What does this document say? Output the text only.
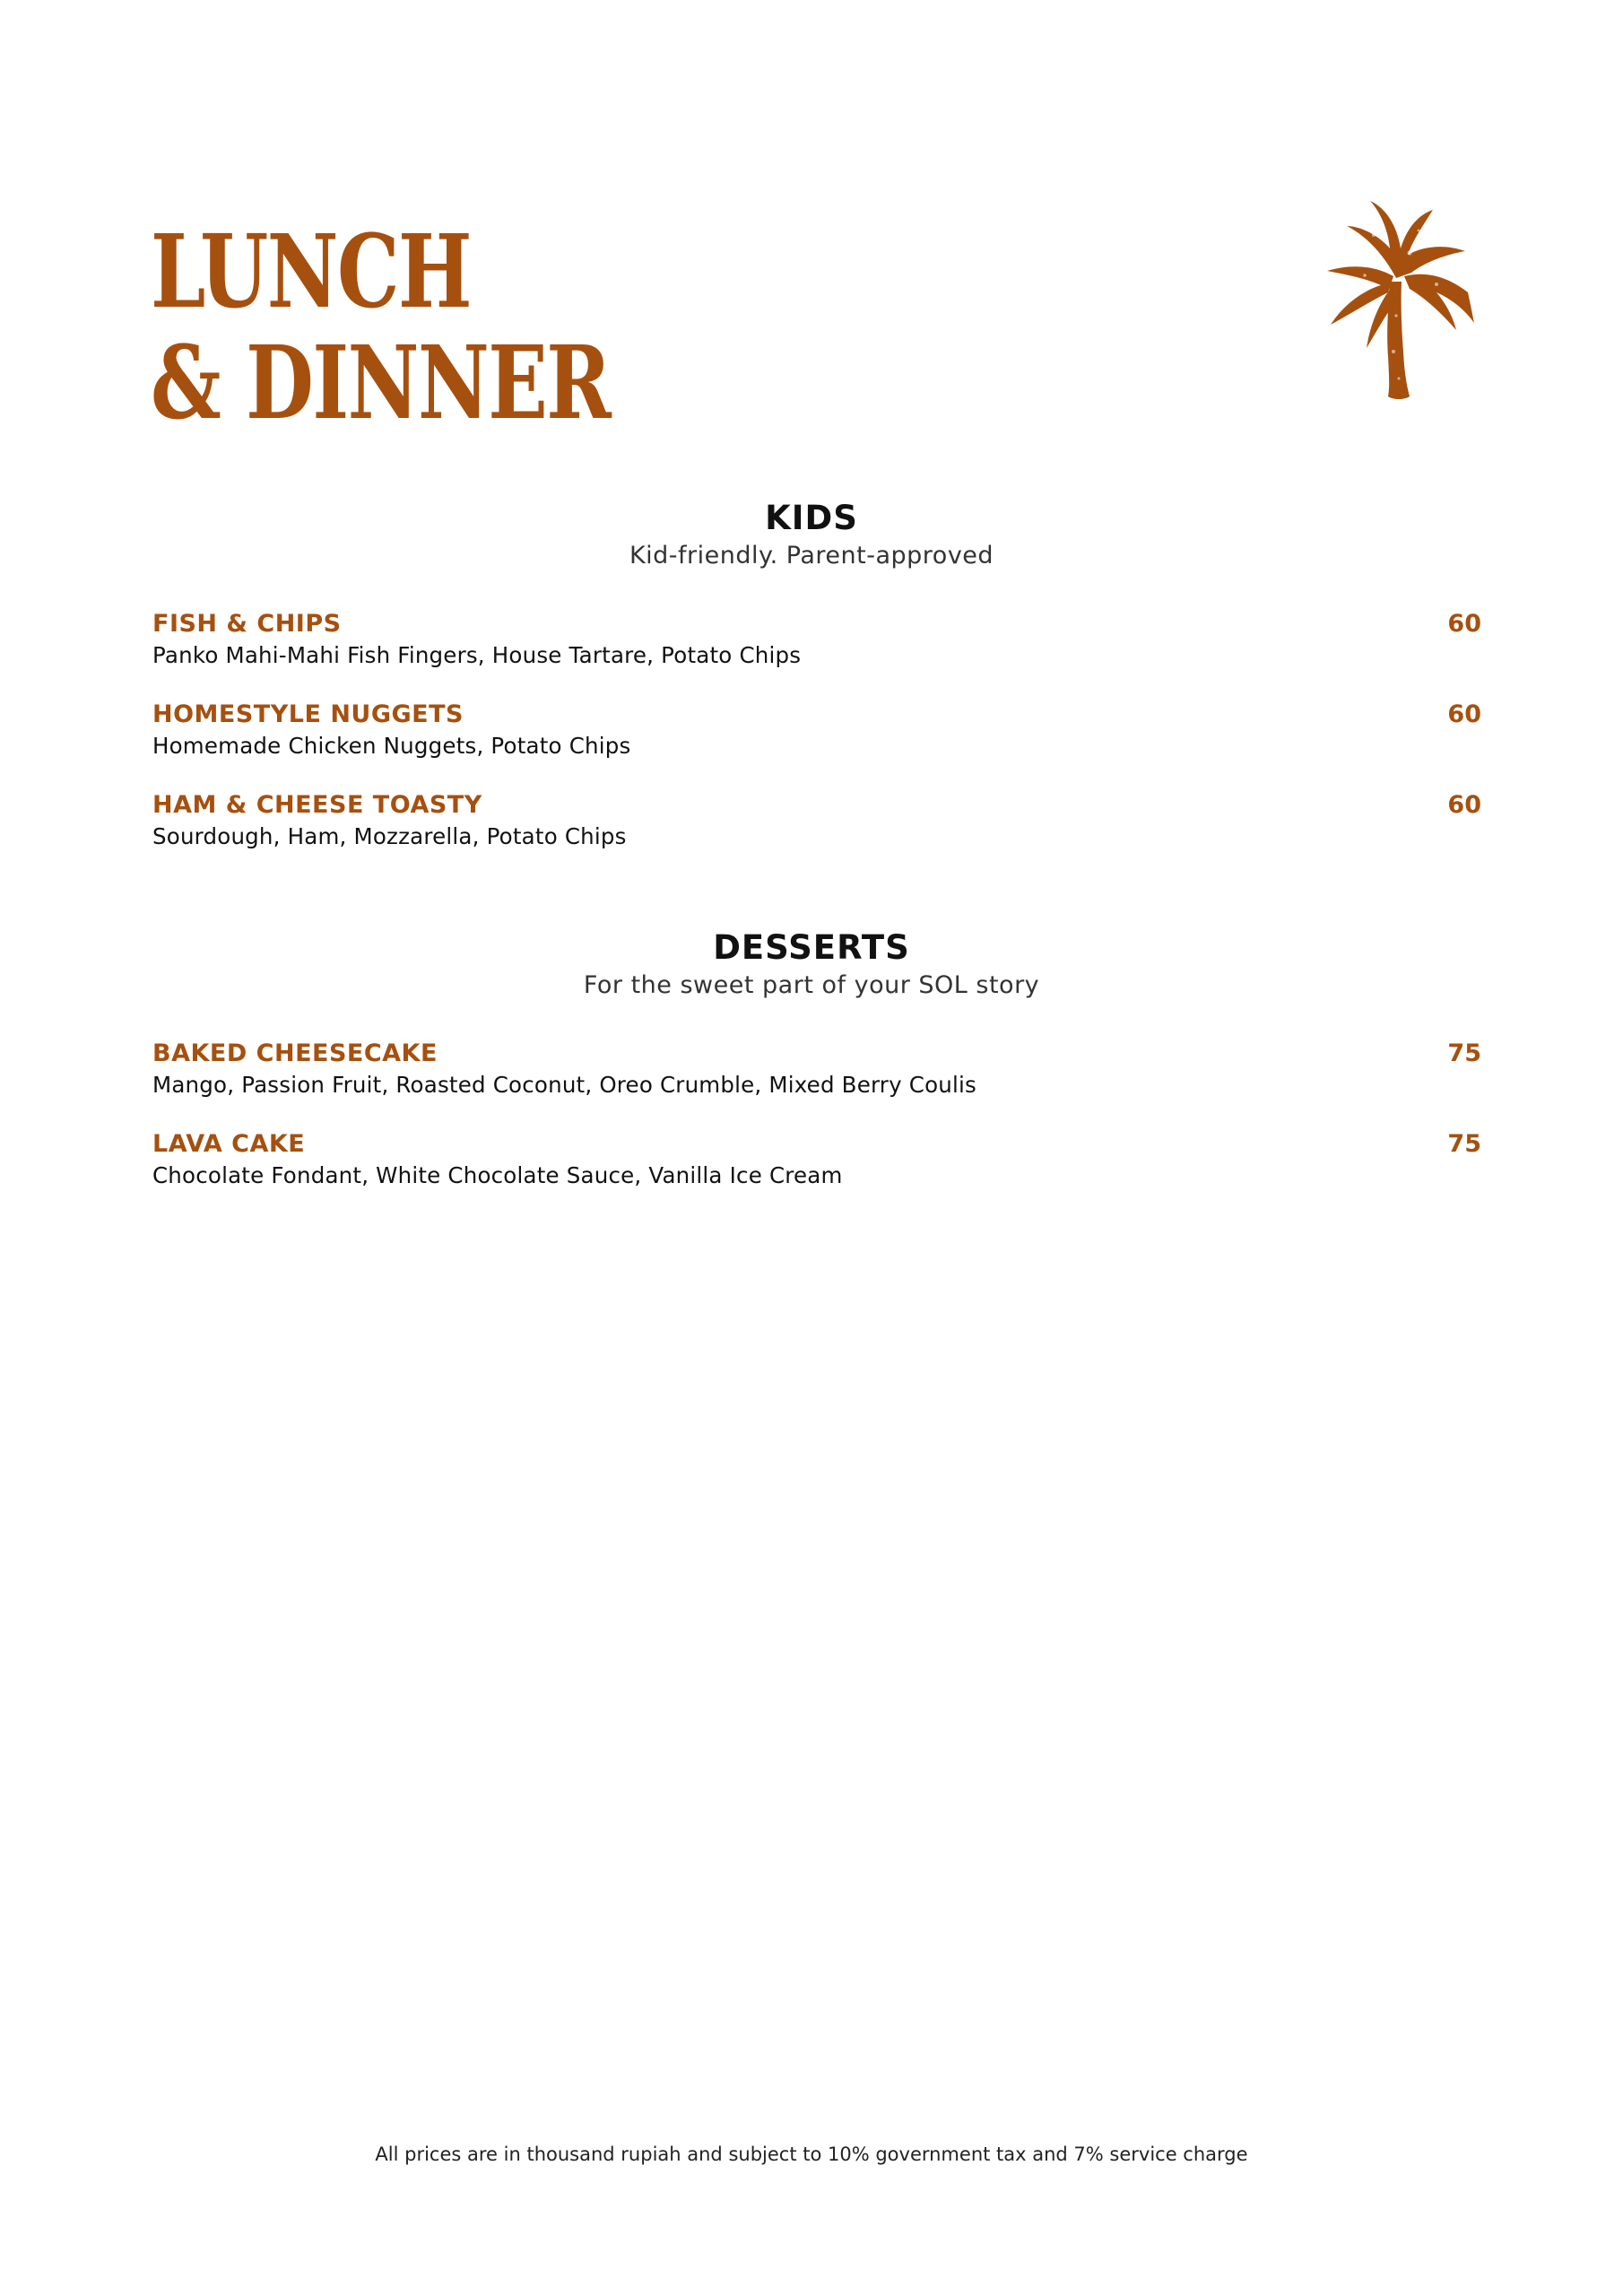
LUNCH
& DINNER
KIDS
Kid-friendly. Parent-approved
FISH & CHIPS	60
Panko Mahi-Mahi Fish Fingers, House Tartare, Potato Chips
HOMESTYLE NUGGETS	60
Homemade Chicken Nuggets, Potato Chips
HAM & CHEESE TOASTY	60
Sourdough, Ham, Mozzarella, Potato Chips
DESSERTS
For the sweet part of your SOL story
BAKED CHEESECAKE	75
Mango, Passion Fruit, Roasted Coconut, Oreo Crumble, Mixed Berry Coulis
LAVA CAKE	75
Chocolate Fondant, White Chocolate Sauce, Vanilla Ice Cream
All prices are in thousand rupiah and subject to 10% government tax and 7% service charge
